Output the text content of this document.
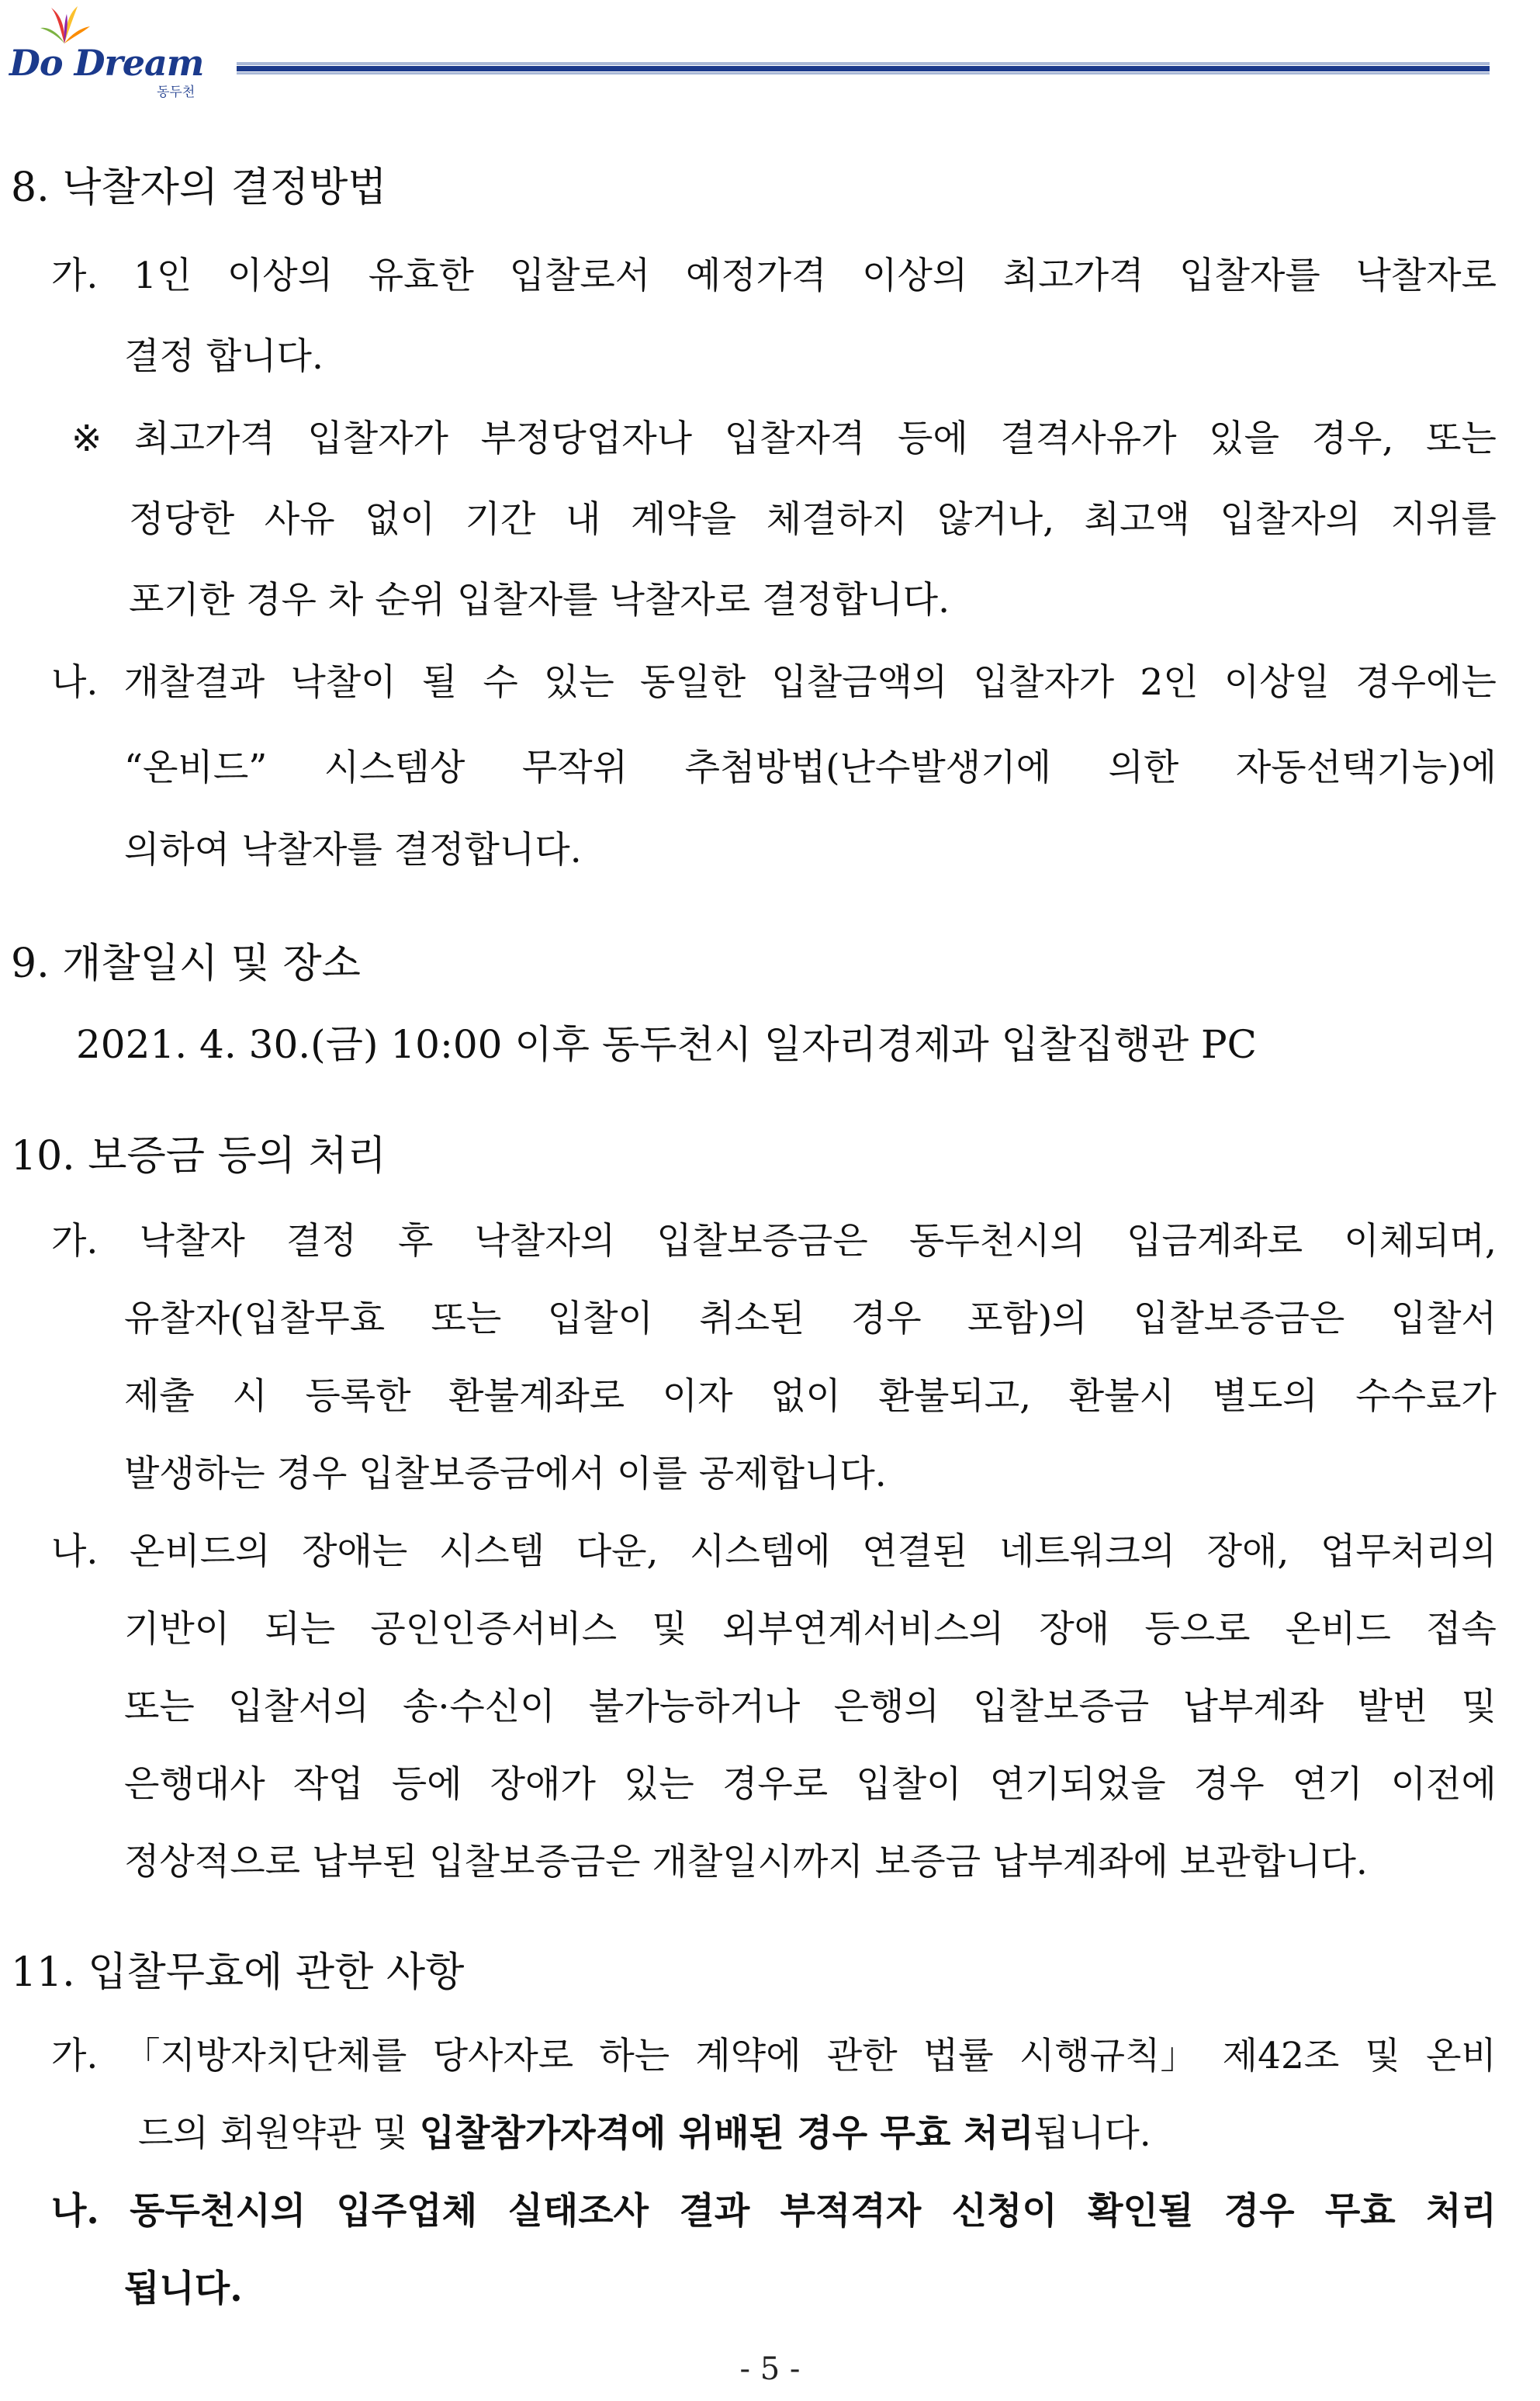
Do Dream
동두천
8. 낙찰자의 결정방법
가. 1인 이상의 유효한 입찰로서 예정가격 이상의 최고가격 입찰자를 낙찰자로
결정 합니다.
※ 최고가격 입찰자가 부정당업자나 입찰자격 등에 결격사유가 있을 경우, 또는
정당한 사유 없이 기간 내 계약을 체결하지 않거나, 최고액 입찰자의 지위를
포기한 경우 차 순위 입찰자를 낙찰자로 결정합니다.
나. 개찰결과 낙찰이 될 수 있는 동일한 입찰금액의 입찰자가 2인 이상일 경우에는
“온비드” 시스템상 무작위 추첨방법(난수발생기에 의한 자동선택기능)에
의하여 낙찰자를 결정합니다.
9. 개찰일시 및 장소
2021. 4. 30.(금) 10:00 이후 동두천시 일자리경제과 입찰집행관 PC
10. 보증금 등의 처리
가. 낙찰자 결정 후 낙찰자의 입찰보증금은 동두천시의 입금계좌로 이체되며,
유찰자(입찰무효 또는 입찰이 취소된 경우 포함)의 입찰보증금은 입찰서
제출 시 등록한 환불계좌로 이자 없이 환불되고, 환불시 별도의 수수료가
발생하는 경우 입찰보증금에서 이를 공제합니다.
나. 온비드의 장애는 시스템 다운, 시스템에 연결된 네트워크의 장애, 업무처리의
기반이 되는 공인인증서비스 및 외부연계서비스의 장애 등으로 온비드 접속
또는 입찰서의 송·수신이 불가능하거나 은행의 입찰보증금 납부계좌 발번 및
은행대사 작업 등에 장애가 있는 경우로 입찰이 연기되었을 경우 연기 이전에
정상적으로 납부된 입찰보증금은 개찰일시까지 보증금 납부계좌에 보관합니다.
11. 입찰무효에 관한 사항
가. 「지방자치단체를 당사자로 하는 계약에 관한 법률 시행규칙」 제42조 및 온비
드의 회원약관 및 입찰참가자격에 위배된 경우 무효 처리됩니다.
나. 동두천시의 입주업체 실태조사 결과 부적격자 신청이 확인될 경우 무효 처리
됩니다.
- 5 -
